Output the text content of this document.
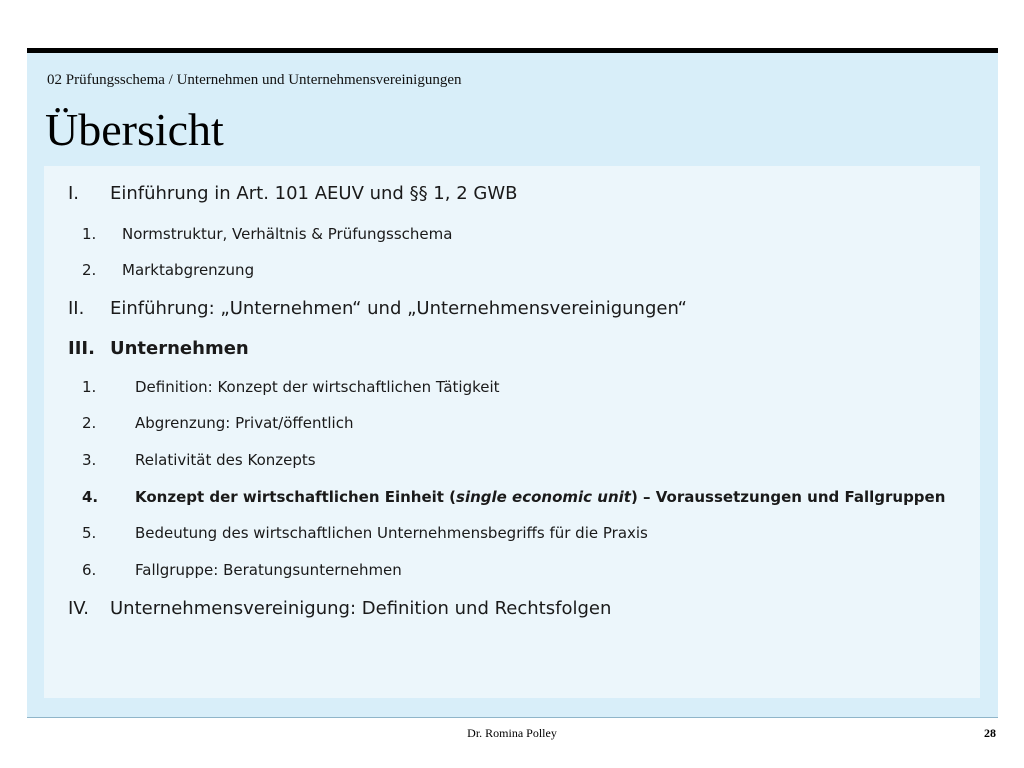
02 Prüfungsschema / Unternehmen und Unternehmensvereinigungen

Übersicht
I. Einführung in Art. 101 AEUV und §§ 1, 2 GWB
1. Normstruktur, Verhältnis & Prüfungsschema
2. Marktabgrenzung
II. Einführung: „Unternehmen“ und „Unternehmensvereinigungen“
III. Unternehmen
1.	Definition: Konzept der wirtschaftlichen Tätigkeit
2.	Abgrenzung: Privat/öffentlich
3.	Relativität des Konzepts
4. Konzept der wirtschaftlichen Einheit (single economic unit) – Voraussetzungen und Fallgruppen
5.	Bedeutung des wirtschaftlichen Unternehmensbegriffs für die Praxis
6.	Fallgruppe: Beratungsunternehmen
IV. Unternehmensvereinigung: Definition und Rechtsfolgen
Dr. Romina Polley	28
